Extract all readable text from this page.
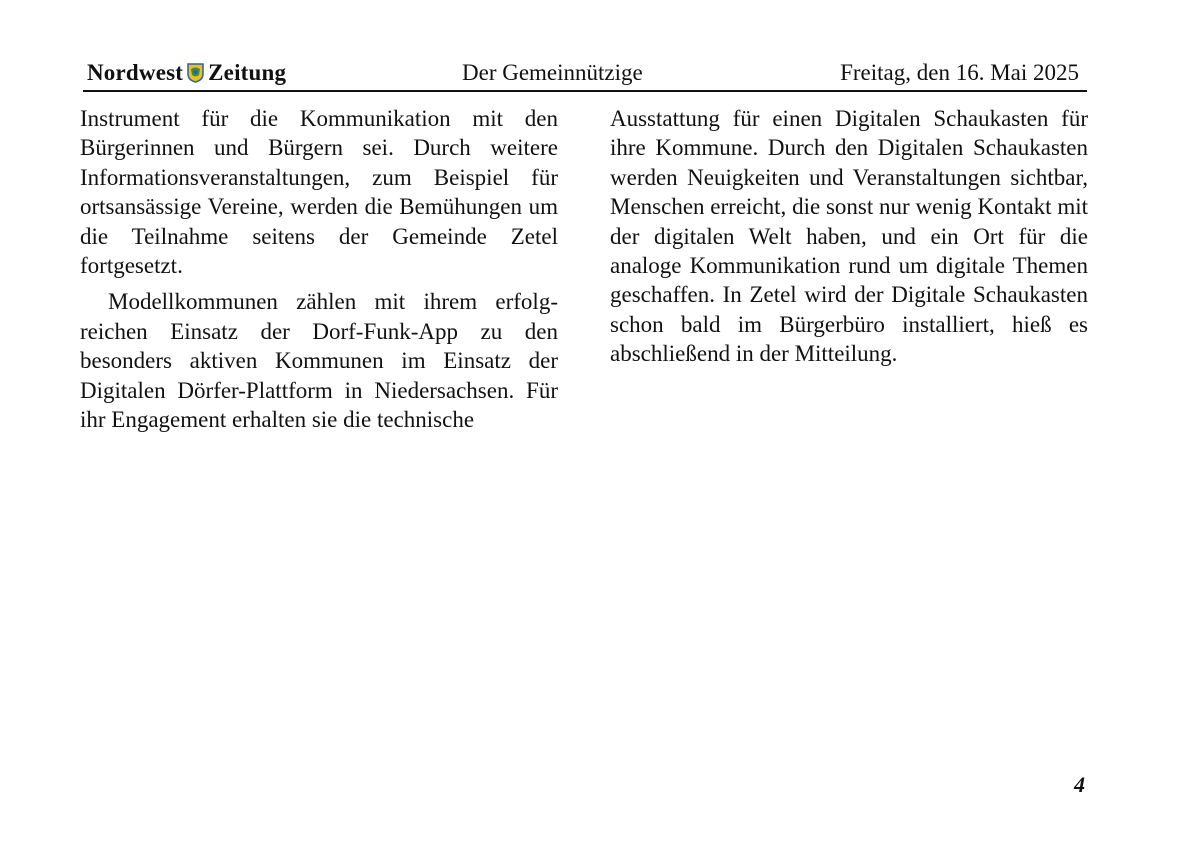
Nordwest Zeitung	Der Gemeinnützige	Freitag, den 16. Mai 2025

Instrument für die Kommunikation mit den Bürgerinnen und Bürgern sei. Durch weitere Informationsveranstaltungen, zum Beispiel für ortsansässige Vereine, werden die Bemühungen um die Teilnahme seitens der Gemeinde Zetel fortgesetzt.

Modellkommunen zählen mit ihrem erfolgreichen Einsatz der Dorf-Funk-App zu den besonders aktiven Kommunen im Einsatz der Digitalen Dörfer-Plattform in Niedersachsen. Für ihr Engagement erhalten sie die technische

Ausstattung für einen Digitalen Schaukasten für ihre Kommune. Durch den Digitalen Schaukasten werden Neuigkeiten und Veranstaltungen sichtbar, Menschen erreicht, die sonst nur wenig Kontakt mit der digitalen Welt haben, und ein Ort für die analoge Kommunikation rund um digitale Themen geschaffen. In Zetel wird der Digitale Schaukasten schon bald im Bürgerbüro installiert, hieß es abschließend in der Mitteilung.

4
